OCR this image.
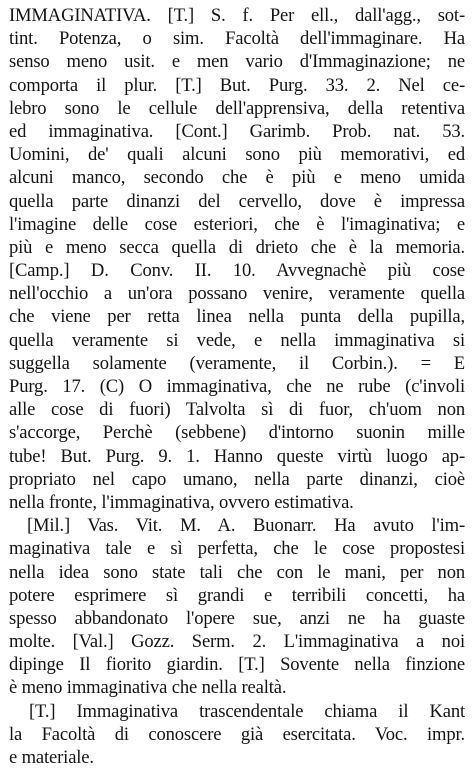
IMMAGINATIVA. [T.] S. f. Per ell., dall'agg., sot-
tint. Potenza, o sim. Facoltà dell'immaginare. Ha
senso meno usit. e men vario d'Immaginazione; ne
comporta il plur. [T.] But. Purg. 33. 2. Nel ce-
lebro sono le cellule dell'apprensiva, della retentiva
ed immaginativa. [Cont.] Garimb. Prob. nat. 53.
Uomini, de' quali alcuni sono più memorativi, ed
alcuni manco, secondo che è più e meno umida
quella parte dinanzi del cervello, dove è impressa
l'imagine delle cose esteriori, che è l'imaginativa; e
più e meno secca quella di drieto che è la memoria.
[Camp.] D. Conv. II. 10. Avvegnachè più cose
nell'occhio a un'ora possano venire, veramente quella
che viene per retta linea nella punta della pupilla,
quella veramente si vede, e nella immaginativa si
suggella solamente (veramente, il Corbin.). = E
Purg. 17. (C) O immaginativa, che ne rube (c'involi
alle cose di fuori) Talvolta sì di fuor, ch'uom non
s'accorge, Perchè (sebbene) d'intorno suonin mille
tube! But. Purg. 9. 1. Hanno queste virtù luogo ap-
propriato nel capo umano, nella parte dinanzi, cioè
nella fronte, l'immaginativa, ovvero estimativa.
[Mil.] Vas. Vit. M. A. Buonarr. Ha avuto l'im-
maginativa tale e sì perfetta, che le cose propostesi
nella idea sono state tali che con le mani, per non
potere esprimere sì grandi e terribili concetti, ha
spesso abbandonato l'opere sue, anzi ne ha guaste
molte. [Val.] Gozz. Serm. 2. L'immaginativa a noi
dipinge Il fiorito giardin. [T.] Sovente nella finzione
è meno immaginativa che nella realtà.
[T.] Immaginativa trascendentale chiama il Kant
la Facoltà di conoscere già esercitata. Voc. impr.
e materiale.
